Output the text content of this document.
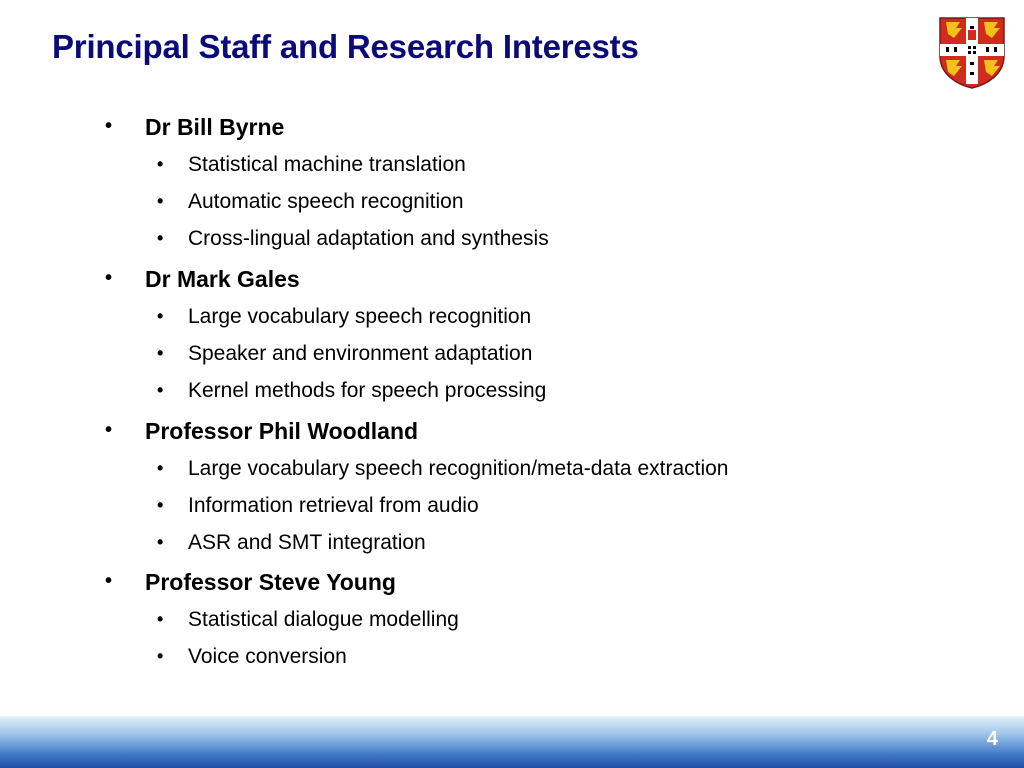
Principal Staff and Research Interests
• Dr Bill Byrne
• Statistical machine translation
• Automatic speech recognition
• Cross-lingual adaptation and synthesis
• Dr Mark Gales
• Large vocabulary speech recognition
• Speaker and environment adaptation
• Kernel methods for speech processing
• Professor Phil Woodland
• Large vocabulary speech recognition/meta-data extraction
• Information retrieval from audio
• ASR and SMT integration
• Professor Steve Young
• Statistical dialogue modelling
• Voice conversion
4
